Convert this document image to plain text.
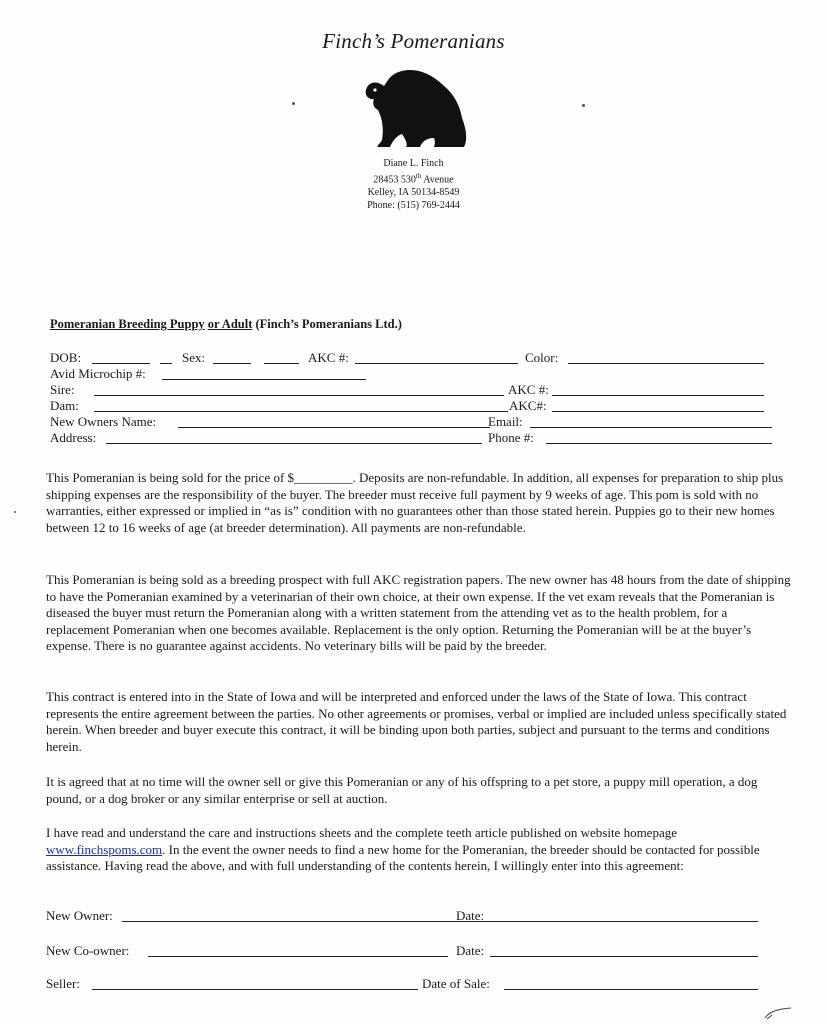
Finch’s Pomeranians
Diane L. Finch
28453 530th Avenue
Kelley, IA 50134-8549
Phone: (515) 769-2444
Pomeranian Breeding Puppy or Adult (Finch’s Pomeranians Ltd.)
DOB:	Sex:	AKC #:	Color:
Avid Microchip #:
Sire:	AKC #:
Dam:	AKC#:
New Owners Name:	Email:
Address:	Phone #:

This Pomeranian is being sold for the price of $_________. Deposits are non-refundable. In addition, all expenses for preparation to ship plus shipping expenses are the responsibility of the buyer. The breeder must receive full payment by 9 weeks of age. This pom is sold with no warranties, either expressed or implied in “as is” condition with no guarantees other than those stated herein. Puppies go to their new homes between 12 to 16 weeks of age (at breeder determination). All payments are non-refundable.

This Pomeranian is being sold as a breeding prospect with full AKC registration papers. The new owner has 48 hours from the date of shipping to have the Pomeranian examined by a veterinarian of their own choice, at their own expense. If the vet exam reveals that the Pomeranian is diseased the buyer must return the Pomeranian along with a written statement from the attending vet as to the health problem, for a replacement Pomeranian when one becomes available. Replacement is the only option. Returning the Pomeranian will be at the buyer’s expense. There is no guarantee against accidents. No veterinary bills will be paid by the breeder.

This contract is entered into in the State of Iowa and will be interpreted and enforced under the laws of the State of Iowa. This contract represents the entire agreement between the parties. No other agreements or promises, verbal or implied are included unless specifically stated herein. When breeder and buyer execute this contract, it will be binding upon both parties, subject and pursuant to the terms and conditions herein.

It is agreed that at no time will the owner sell or give this Pomeranian or any of his offspring to a pet store, a puppy mill operation, a dog pound, or a dog broker or any similar enterprise or sell at auction.

I have read and understand the care and instructions sheets and the complete teeth article published on website homepage www.finchspoms.com. In the event the owner needs to find a new home for the Pomeranian, the breeder should be contacted for possible assistance. Having read the above, and with full understanding of the contents herein, I willingly enter into this agreement:

New Owner:	Date:
New Co-owner:	Date:
Seller:	Date of Sale:
